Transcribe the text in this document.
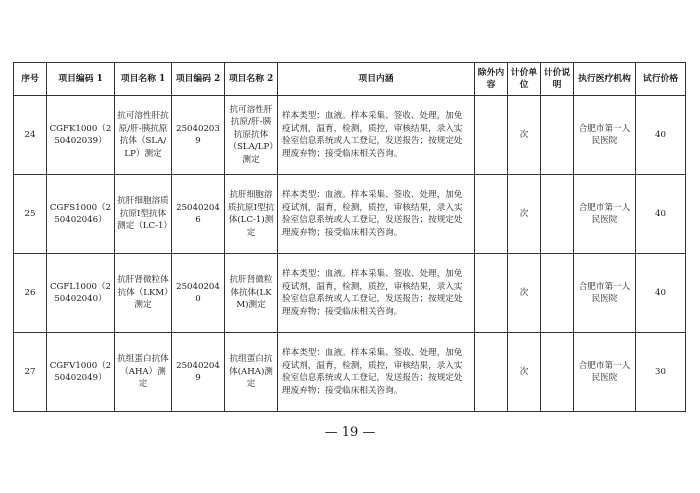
序号	项目编码 1	项目名称 1	项目编码 2	项目名称 2	项目内涵	除外内容	计价单位	计价说明	执行医疗机构	试行价格
24	CGFK1000（250402039）	抗可溶性肝抗原/肝-胰抗原抗体（SLA/LP）测定	250402039	抗可溶性肝抗原/肝-胰抗原抗体（SLA/LP）测定	样本类型：血液。样本采集、签收、处理，加免疫试剂，温育，检测，质控，审核结果，录入实验室信息系统或人工登记，发送报告；按规定处理废弃物；接受临床相关咨询。		次		合肥市第一人民医院	40
25	CGFS1000（250402046）	抗肝细胞溶质抗原Ⅰ型抗体测定（LC-1）	250402046	抗肝细胞溶质抗原Ⅰ型抗体(LC-1)测定	样本类型：血液。样本采集、签收、处理，加免疫试剂，温育，检测，质控，审核结果，录入实验室信息系统或人工登记，发送报告；按规定处理废弃物；接受临床相关咨询。		次		合肥市第一人民医院	40
26	CGFL1000（250402040）	抗肝肾微粒体抗体（LKM）测定	250402040	抗肝肾微粒体抗体(LKM)测定	样本类型：血液。样本采集、签收、处理，加免疫试剂，温育，检测，质控，审核结果，录入实验室信息系统或人工登记，发送报告；按规定处理废弃物；接受临床相关咨询。		次		合肥市第一人民医院	40
27	CGFV1000（250402049）	抗组蛋白抗体（AHA）测定	250402049	抗组蛋白抗体(AHA)测定	样本类型：血液。样本采集、签收、处理，加免疫试剂，温育，检测，质控，审核结果，录入实验室信息系统或人工登记，发送报告；按规定处理废弃物；接受临床相关咨询。		次		合肥市第一人民医院	30
— 19 —
